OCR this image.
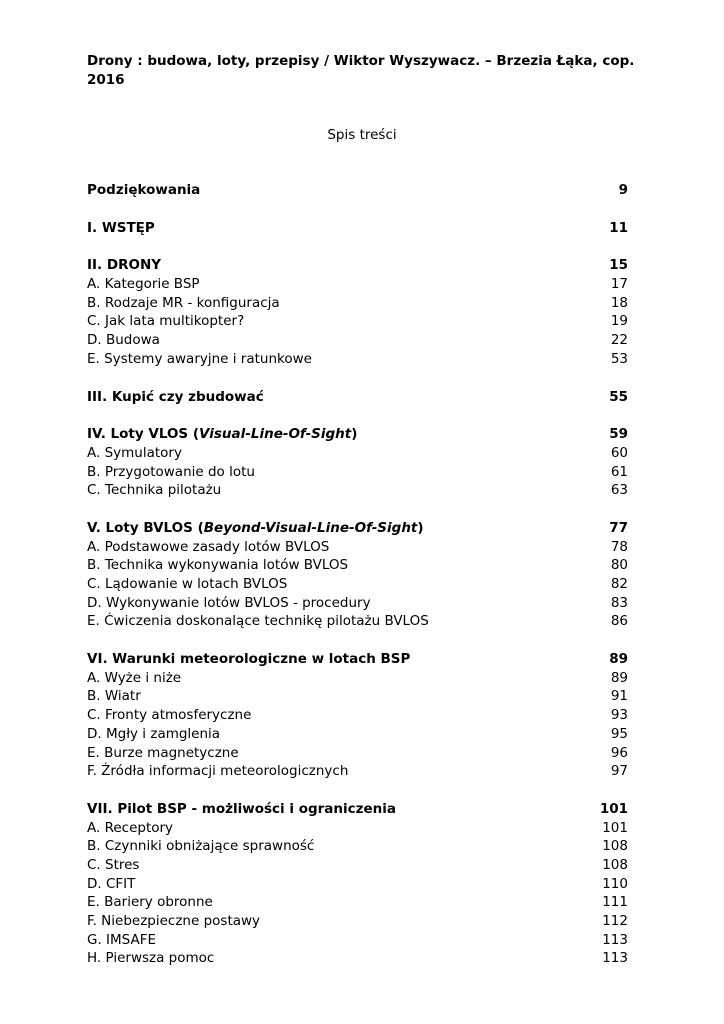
Drony : budowa, loty, przepisy / Wiktor Wyszywacz. – Brzezia Łąka, cop. 2016
Spis treści
Podziękowania	9
I. WSTĘP	11
II. DRONY	15
A. Kategorie BSP	17
B. Rodzaje MR - konfiguracja	18
C. Jak lata multikopter?	19
D. Budowa	22
E. Systemy awaryjne i ratunkowe	53
III. Kupić czy zbudować	55
IV. Loty VLOS (Visual-Line-Of-Sight)	59
A. Symulatory	60
B. Przygotowanie do lotu	61
C. Technika pilotażu	63
V. Loty BVLOS (Beyond-Visual-Line-Of-Sight)	77
A. Podstawowe zasady lotów BVLOS	78
B. Technika wykonywania lotów BVLOS	80
C. Lądowanie w lotach BVLOS	82
D. Wykonywanie lotów BVLOS - procedury	83
E. Ćwiczenia doskonalące technikę pilotażu BVLOS	86
VI. Warunki meteorologiczne w lotach BSP	89
A. Wyże i niże	89
B. Wiatr	91
C. Fronty atmosferyczne	93
D. Mgły i zamglenia	95
E. Burze magnetyczne	96
F. Źródła informacji meteorologicznych	97
VII. Pilot BSP - możliwości i ograniczenia	101
A. Receptory	101
B. Czynniki obniżające sprawność	108
C. Stres	108
D. CFIT	110
E. Bariery obronne	111
F. Niebezpieczne postawy	112
G. IMSAFE	113
H. Pierwsza pomoc	113
